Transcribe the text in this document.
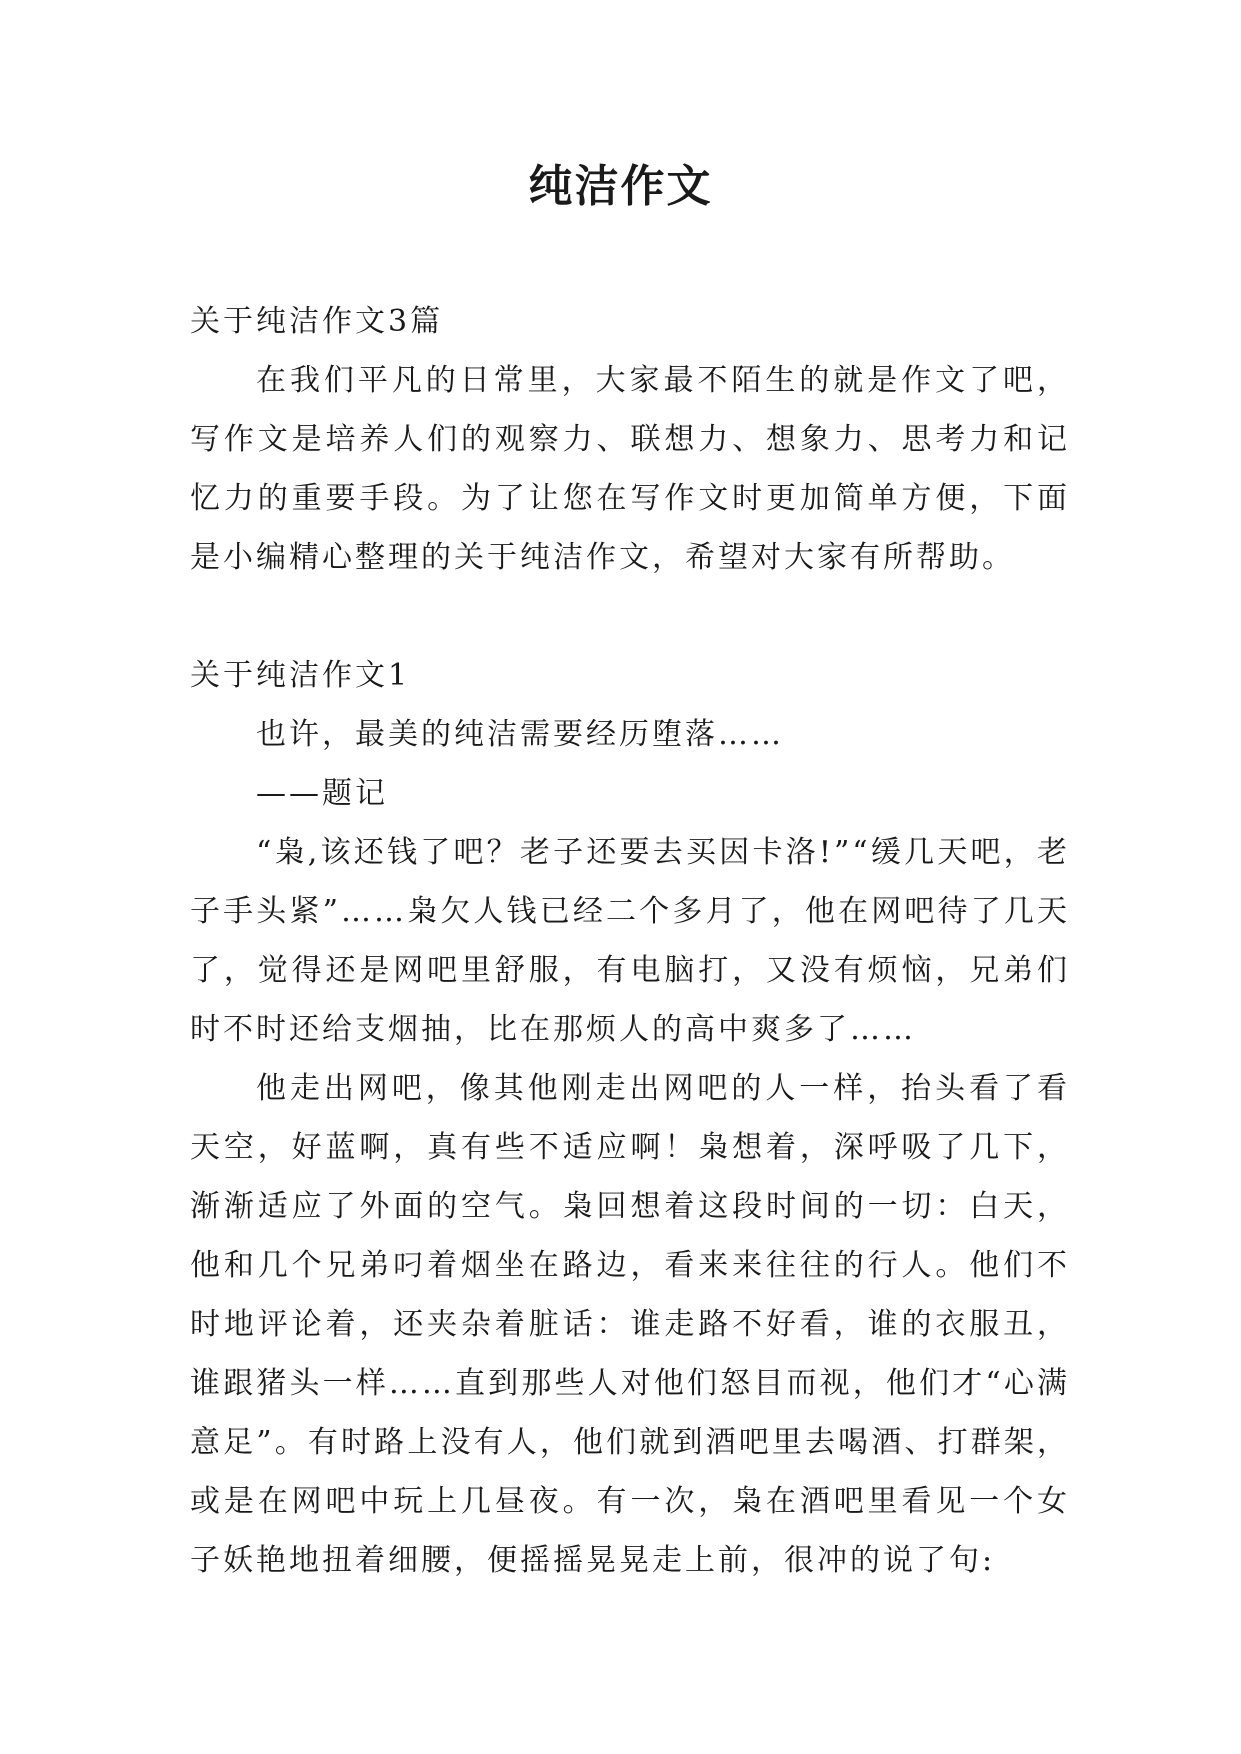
纯洁作文

关于纯洁作文3篇

在我们平凡的日常里，大家最不陌生的就是作文了吧，写作文是培养人们的观察力、联想力、想象力、思考力和记忆力的重要手段。为了让您在写作文时更加简单方便，下面是小编精心整理的关于纯洁作文，希望对大家有所帮助。

关于纯洁作文1

也许，最美的纯洁需要经历堕落……

——题记

“枭,该还钱了吧？老子还要去买因卡洛!”“缓几天吧，老子手头紧”……枭欠人钱已经二个多月了，他在网吧待了几天了，觉得还是网吧里舒服，有电脑打，又没有烦恼，兄弟们时不时还给支烟抽，比在那烦人的高中爽多了……

他走出网吧，像其他刚走出网吧的人一样，抬头看了看天空，好蓝啊，真有些不适应啊！枭想着，深呼吸了几下，渐渐适应了外面的空气。枭回想着这段时间的一切：白天，他和几个兄弟叼着烟坐在路边，看来来往往的行人。他们不时地评论着，还夹杂着脏话：谁走路不好看，谁的衣服丑，谁跟猪头一样……直到那些人对他们怒目而视，他们才“心满意足”。有时路上没有人，他们就到酒吧里去喝酒、打群架，或是在网吧中玩上几昼夜。有一次，枭在酒吧里看见一个女子妖艳地扭着细腰，便摇摇晃晃走上前，很冲的说了句:
